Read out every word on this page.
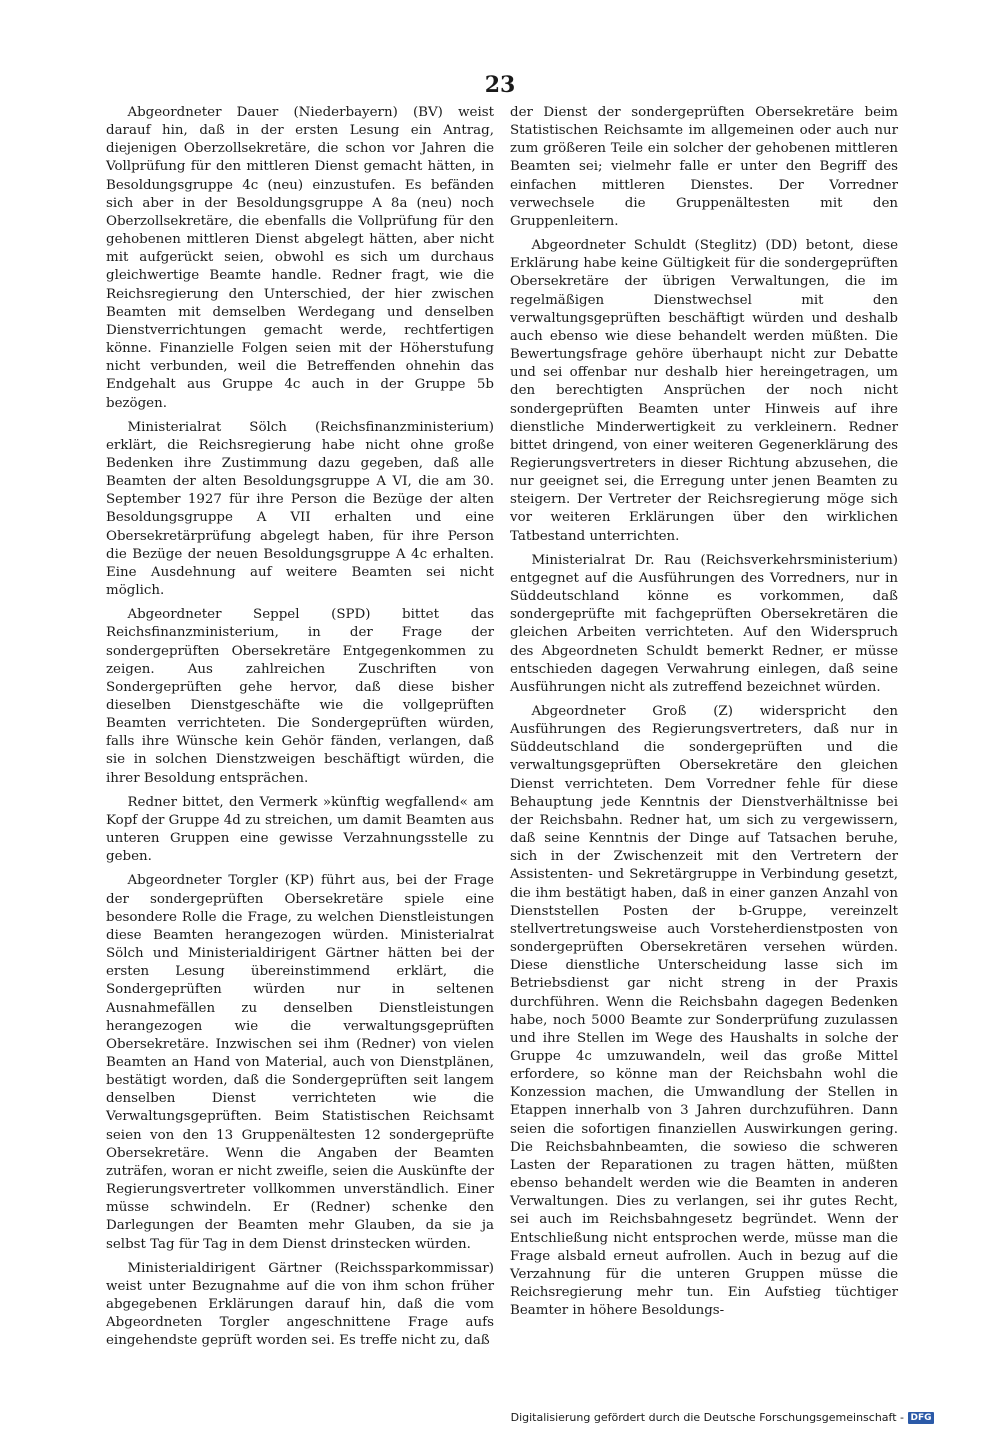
23

Abgeordneter Dauer (Niederbayern) (BV) weist darauf hin, daß in der ersten Lesung ein Antrag, diejenigen Oberzollsekretäre, die schon vor Jahren die Vollprüfung für den mittleren Dienst gemacht hätten, in Besoldungsgruppe 4c (neu) einzustufen. Es befänden sich aber in der Besoldungsgruppe A 8a (neu) noch Oberzollsekretäre, die ebenfalls die Vollprüfung für den gehobenen mittleren Dienst abgelegt hätten, aber nicht mit aufgerückt seien, obwohl es sich um durchaus gleichwertige Beamte handle. Redner fragt, wie die Reichsregierung den Unterschied, der hier zwischen Beamten mit demselben Werdegang und denselben Dienstverrichtungen gemacht werde, rechtfertigen könne. Finanzielle Folgen seien mit der Höherstufung nicht verbunden, weil die Betreffenden ohnehin das Endgehalt aus Gruppe 4c auch in der Gruppe 5b bezögen.

Ministerialrat Sölch (Reichsfinanzministerium) erklärt, die Reichsregierung habe nicht ohne große Bedenken ihre Zustimmung dazu gegeben, daß alle Beamten der alten Besoldungsgruppe A VI, die am 30. September 1927 für ihre Person die Bezüge der alten Besoldungsgruppe A VII erhalten und eine Obersekretärprüfung abgelegt haben, für ihre Person die Bezüge der neuen Besoldungsgruppe A 4c erhalten. Eine Ausdehnung auf weitere Beamten sei nicht möglich.

Abgeordneter Seppel (SPD) bittet das Reichsfinanzministerium, in der Frage der sondergeprüften Obersekretäre Entgegenkommen zu zeigen. Aus zahlreichen Zuschriften von Sondergeprüften gehe hervor, daß diese bisher dieselben Dienstgeschäfte wie die vollgeprüften Beamten verrichteten. Die Sondergeprüften würden, falls ihre Wünsche kein Gehör fänden, verlangen, daß sie in solchen Dienstzweigen beschäftigt würden, die ihrer Besoldung entsprächen.

Redner bittet, den Vermerk »künftig wegfallend« am Kopf der Gruppe 4d zu streichen, um damit Beamten aus unteren Gruppen eine gewisse Verzahnungsstelle zu geben.

Abgeordneter Torgler (KP) führt aus, bei der Frage der sondergeprüften Obersekretäre spiele eine besondere Rolle die Frage, zu welchen Dienstleistungen diese Beamten herangezogen würden. Ministerialrat Sölch und Ministerialdirigent Gärtner hätten bei der ersten Lesung übereinstimmend erklärt, die Sondergeprüften würden nur in seltenen Ausnahmefällen zu denselben Dienstleistungen herangezogen wie die verwaltungsgeprüften Obersekretäre. Inzwischen sei ihm (Redner) von vielen Beamten an Hand von Material, auch von Dienstplänen, bestätigt worden, daß die Sondergeprüften seit langem denselben Dienst verrichteten wie die Verwaltungsgeprüften. Beim Statistischen Reichsamt seien von den 13 Gruppenältesten 12 sondergeprüfte Obersekretäre. Wenn die Angaben der Beamten zuträfen, woran er nicht zweifle, seien die Auskünfte der Regierungsvertreter vollkommen unverständlich. Einer müsse schwindeln. Er (Redner) schenke den Darlegungen der Beamten mehr Glauben, da sie ja selbst Tag für Tag in dem Dienst drinstecken würden.

Ministerialdirigent Gärtner (Reichssparkommissar) weist unter Bezugnahme auf die von ihm schon früher abgegebenen Erklärungen darauf hin, daß die vom Abgeordneten Torgler angeschnittene Frage aufs eingehendste geprüft worden sei. Es treffe nicht zu, daß

der Dienst der sondergeprüften Obersekretäre beim Statistischen Reichsamte im allgemeinen oder auch nur zum größeren Teile ein solcher der gehobenen mittleren Beamten sei; vielmehr falle er unter den Begriff des einfachen mittleren Dienstes. Der Vorredner verwechsele die Gruppenältesten mit den Gruppenleitern.

Abgeordneter Schuldt (Steglitz) (DD) betont, diese Erklärung habe keine Gültigkeit für die sondergeprüften Obersekretäre der übrigen Verwaltungen, die im regelmäßigen Dienstwechsel mit den verwaltungsgeprüften beschäftigt würden und deshalb auch ebenso wie diese behandelt werden müßten. Die Bewertungsfrage gehöre überhaupt nicht zur Debatte und sei offenbar nur deshalb hier hereingetragen, um den berechtigten Ansprüchen der noch nicht sondergeprüften Beamten unter Hinweis auf ihre dienstliche Minderwertigkeit zu verkleinern. Redner bittet dringend, von einer weiteren Gegenerklärung des Regierungsvertreters in dieser Richtung abzusehen, die nur geeignet sei, die Erregung unter jenen Beamten zu steigern. Der Vertreter der Reichsregierung möge sich vor weiteren Erklärungen über den wirklichen Tatbestand unterrichten.

Ministerialrat Dr. Rau (Reichsverkehrsministerium) entgegnet auf die Ausführungen des Vorredners, nur in Süddeutschland könne es vorkommen, daß sondergeprüfte mit fachgeprüften Obersekretären die gleichen Arbeiten verrichteten. Auf den Widerspruch des Abgeordneten Schuldt bemerkt Redner, er müsse entschieden dagegen Verwahrung einlegen, daß seine Ausführungen nicht als zutreffend bezeichnet würden.

Abgeordneter Groß (Z) widerspricht den Ausführungen des Regierungsvertreters, daß nur in Süddeutschland die sondergeprüften und die verwaltungsgeprüften Obersekretäre den gleichen Dienst verrichteten. Dem Vorredner fehle für diese Behauptung jede Kenntnis der Dienstverhältnisse bei der Reichsbahn. Redner hat, um sich zu vergewissern, daß seine Kenntnis der Dinge auf Tatsachen beruhe, sich in der Zwischenzeit mit den Vertretern der Assistenten- und Sekretärgruppe in Verbindung gesetzt, die ihm bestätigt haben, daß in einer ganzen Anzahl von Dienststellen Posten der b-Gruppe, vereinzelt stellvertretungsweise auch Vorsteherdienstposten von sondergeprüften Obersekretären versehen würden. Diese dienstliche Unterscheidung lasse sich im Betriebsdienst gar nicht streng in der Praxis durchführen. Wenn die Reichsbahn dagegen Bedenken habe, noch 5000 Beamte zur Sonderprüfung zuzulassen und ihre Stellen im Wege des Haushalts in solche der Gruppe 4c umzuwandeln, weil das große Mittel erfordere, so könne man der Reichsbahn wohl die Konzession machen, die Umwandlung der Stellen in Etappen innerhalb von 3 Jahren durchzuführen. Dann seien die sofortigen finanziellen Auswirkungen gering. Die Reichsbahnbeamten, die sowieso die schweren Lasten der Reparationen zu tragen hätten, müßten ebenso behandelt werden wie die Beamten in anderen Verwaltungen. Dies zu verlangen, sei ihr gutes Recht, sei auch im Reichsbahngesetz begründet. Wenn der Entschließung nicht entsprochen werde, müsse man die Frage alsbald erneut aufrollen. Auch in bezug auf die Verzahnung für die unteren Gruppen müsse die Reichsregierung mehr tun. Ein Aufstieg tüchtiger Beamter in höhere Besoldungs-

Digitalisierung gefördert durch die Deutsche Forschungsgemeinschaft - DFG
